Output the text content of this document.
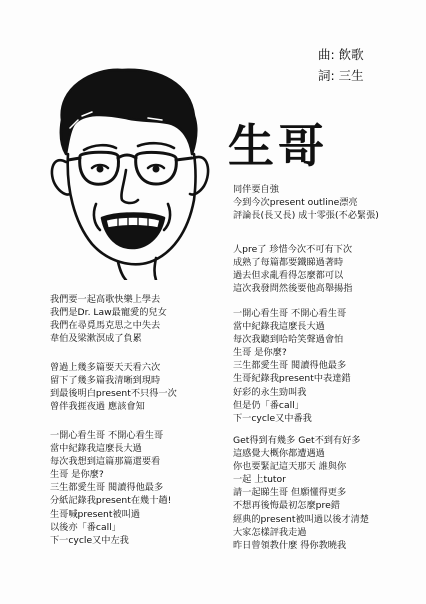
曲: 飲歌
詞: 三生
生哥
同伴要自強
今到今次present outline漂亮
評論長(長又長) 成十零張(不必緊張)
人pre了 珍惜今次不可有下次
成熟了每篇都要鐵睇過著時
過去但求亂看得怎麼都可以
這次我發問然後要他高舉揚指
一開心看生哥 不開心看生哥
當中紀錄我這麼長大過
每次我聽到哈哈笑聲過會怕
生哥 是你麼?
三生都愛生哥 閱讀得他最多
生哥紀錄我present中表達錯
好彩的永生勁叫我
但是仍「番call」
下一cycle又中番我
Get得到有幾多 Get不到有好多
這感覺大概你都遭遇過
你也要緊記這天那天 誰與你
一起 上tutor
請一起睇生哥 但願懂得更多
不想再後悔最初怎麼pre錯
經典的present被叫過以後才清楚
大家怎樣評我走過
昨日曾領教什麼 得你教曉我
我們要一起高歌快樂上學去
我們是Dr. Law最寵愛的兒女
我們在尋覓馬克思之中失去
韋伯及梁漱溟成了負累
曾過上幾多篇要天天看六次
留下了幾多篇我清晰到現時
到最後明白present不只得一次
曾伴我捱夜過 應該會知
一開心看生哥 不開心看生哥
當中紀錄我這麼長大過
每次我想到這篇那篇還要看
生哥 是你麼?
三生都愛生哥 閱讀得他最多
分紙記錄我present在幾十趟!
生哥喊present被叫過
以後亦「番call」
下一cycle又中左我
